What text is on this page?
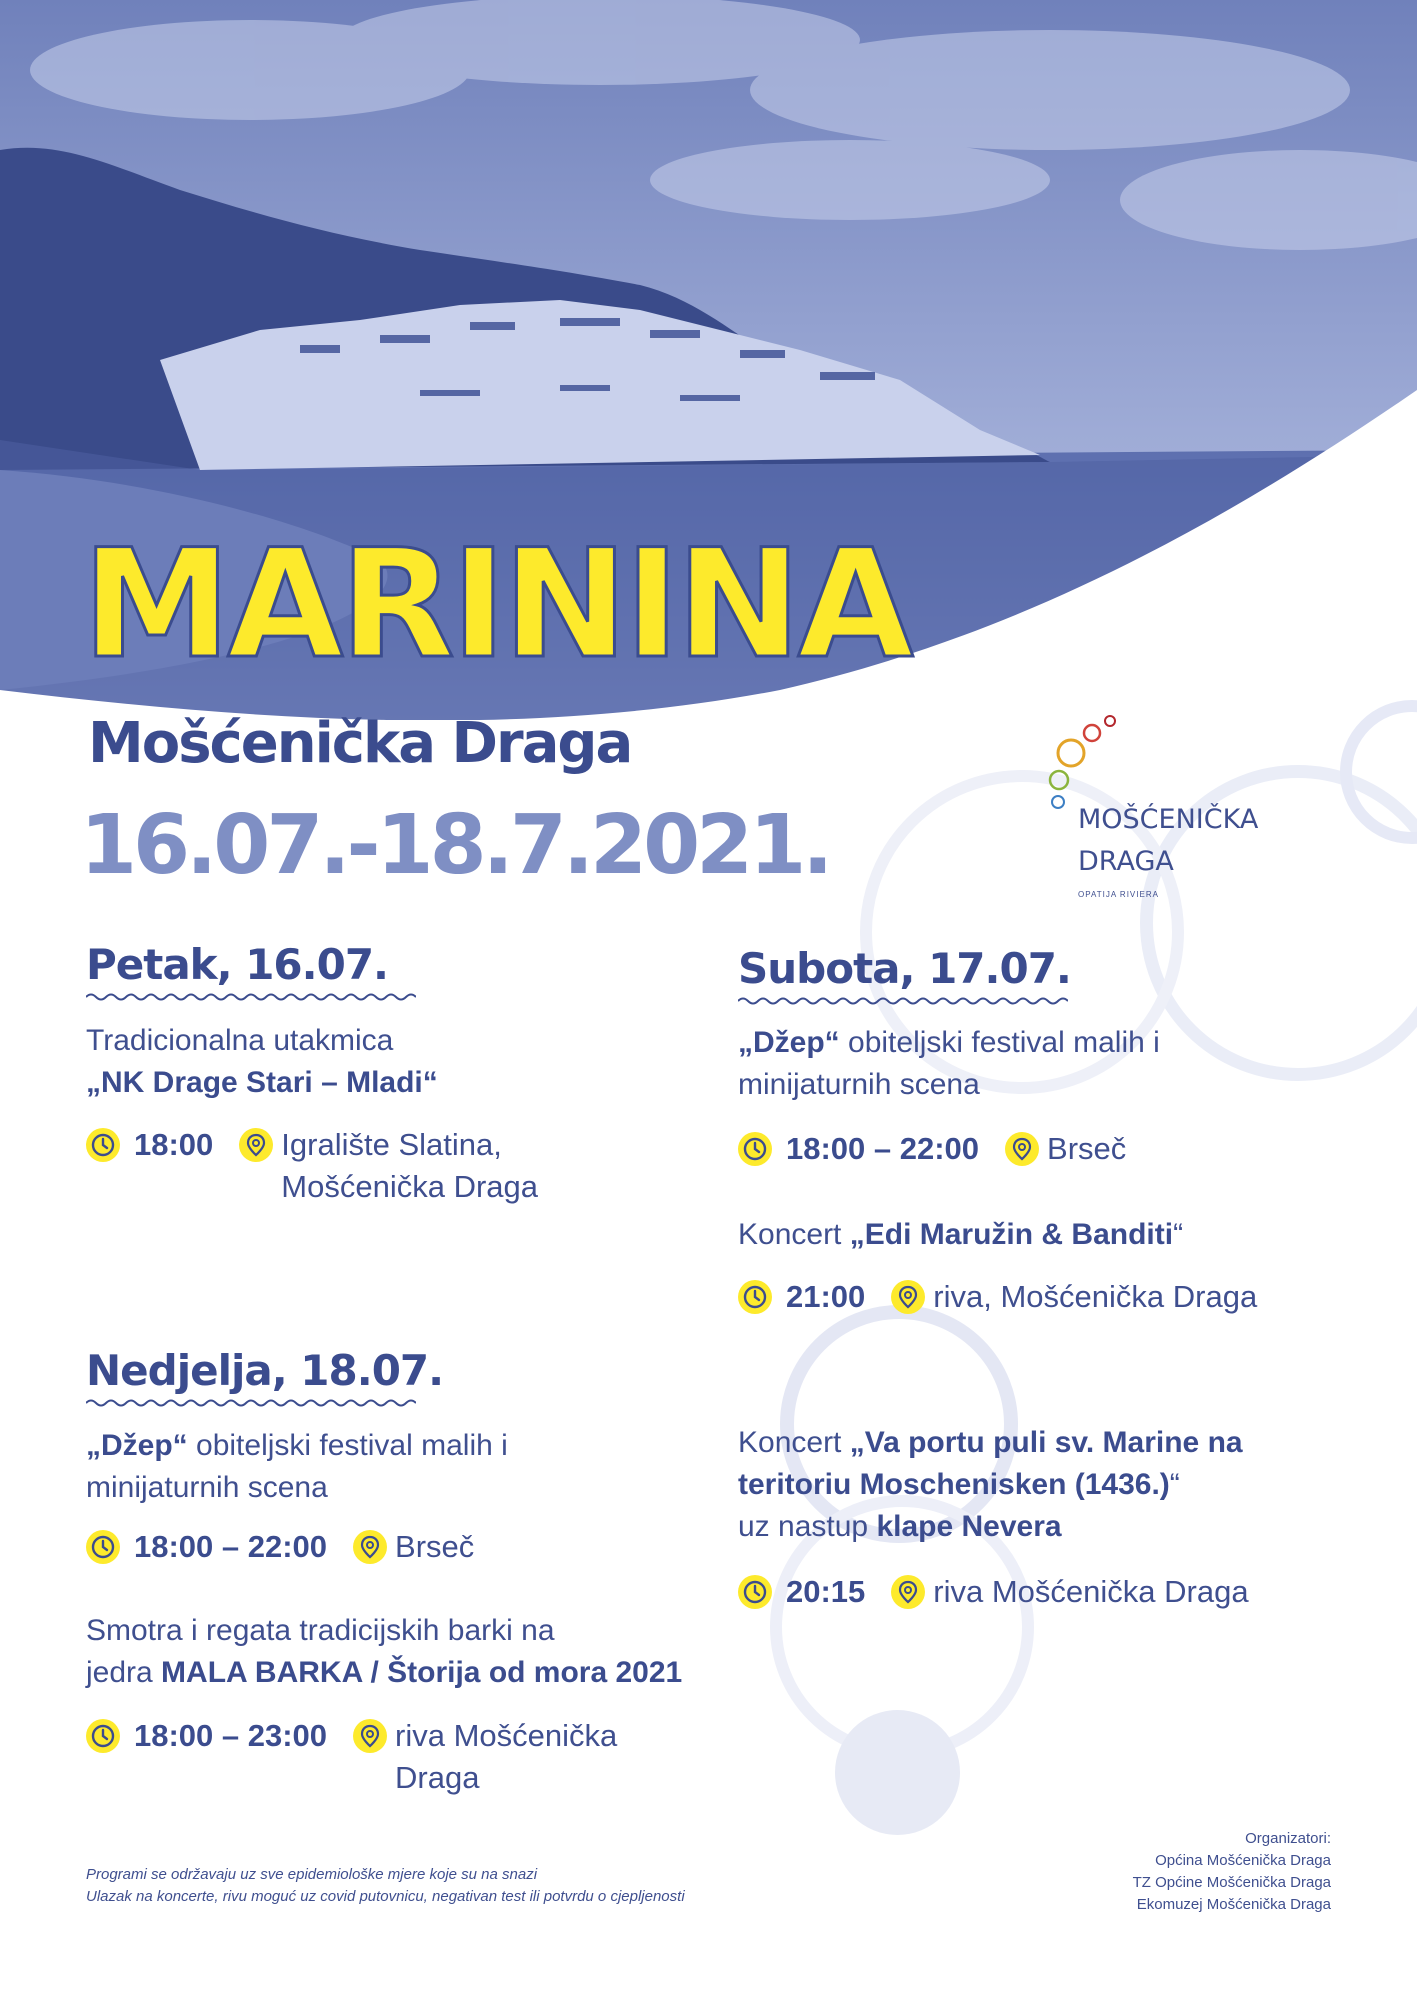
MARININA
Mošćenička Draga
16.07.-18.7.2021.	MOŠĆENIČKA
DRAGA
OPATIJA RIVIERA
Petak, 16.07.

Tradicionalna utakmica
„NK Drage Stari – Mladi“

18:00 Igralište Slatina,
Mošćenička Draga
Nedjelja, 18.07.

„Džep“ obiteljski festival malih i
minijaturnih scena

18:00 – 22:00 Brseč

Smotra i regata tradicijskih barki na
jedra MALA BARKA / Štorija od mora 2021

18:00 – 23:00 riva Mošćenička
Draga
Subota, 17.07.

„Džep“ obiteljski festival malih i
minijaturnih scena

18:00 – 22:00 Brseč

Koncert „Edi Maružin & Banditi“

21:00 riva, Mošćenička Draga

Koncert „Va portu puli sv. Marine na
teritoriu Moschenisken (1436.)“
uz nastup klape Nevera

20:15 riva Mošćenička Draga
Programi se održavaju uz sve epidemiološke mjere koje su na snazi
Ulazak na koncerte, rivu moguć uz covid putovnicu, negativan test ili potvrdu o cjepljenosti
Organizatori:
Općina Mošćenička Draga
TZ Općine Mošćenička Draga
Ekomuzej Mošćenička Draga
